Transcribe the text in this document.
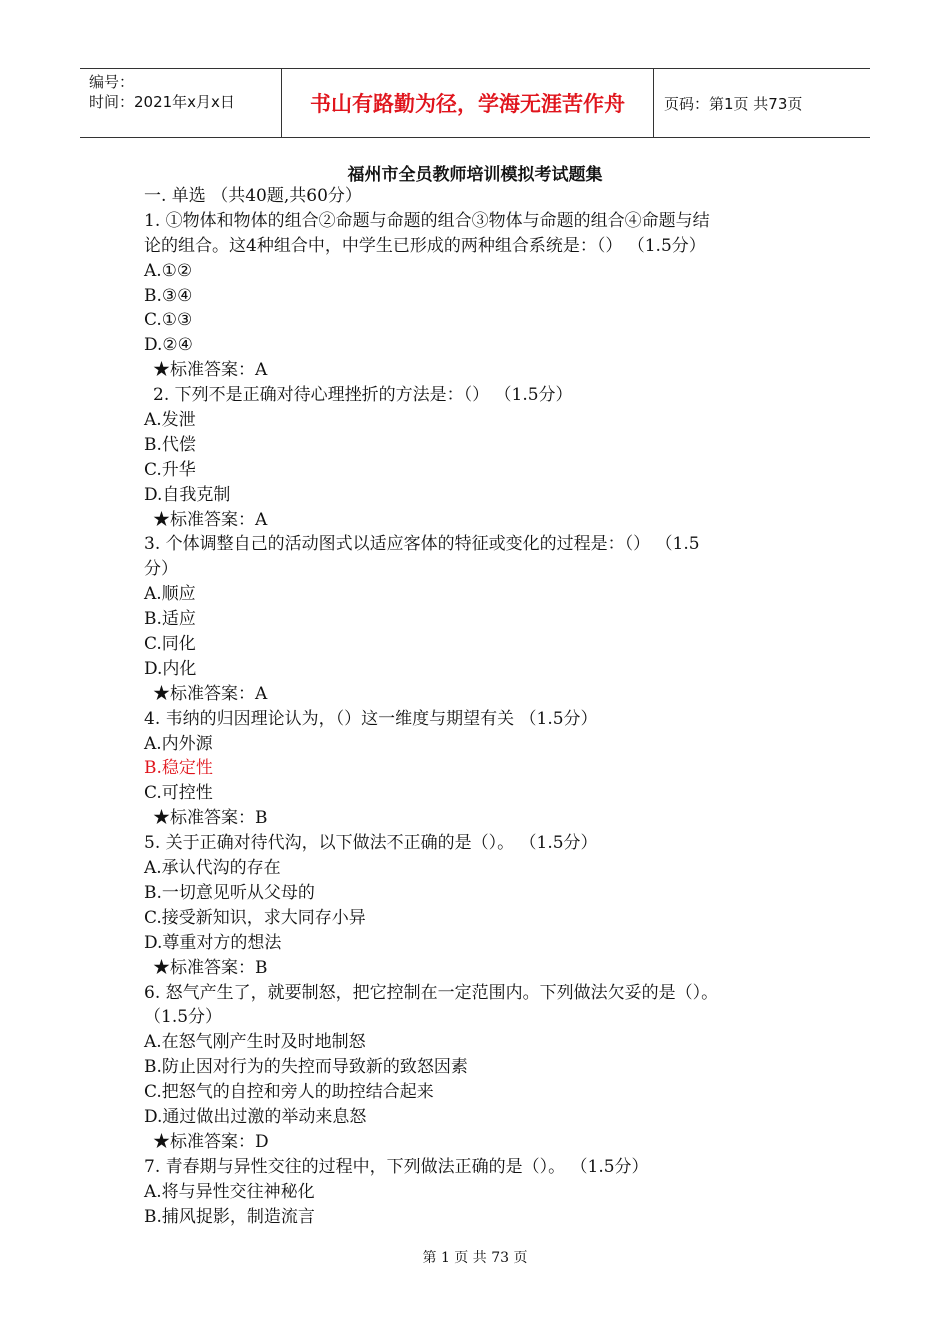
编号：
时间：2021年x月x日	书山有路勤为径，学海无涯苦作舟	页码：第1页 共73页
福州市全员教师培训模拟考试题集
一. 单选 （共40题,共60分）
1. ①物体和物体的组合②命题与命题的组合③物体与命题的组合④命题与结
论的组合。这4种组合中，中学生已形成的两种组合系统是：（） （1.5分）
A.①②
B.③④
C.①③
D.②④
★标准答案：A
2. 下列不是正确对待心理挫折的方法是：（） （1.5分）
A.发泄
B.代偿
C.升华
D.自我克制
★标准答案：A
3. 个体调整自己的活动图式以适应客体的特征或变化的过程是：（） （1.5
分）
A.顺应
B.适应
C.同化
D.内化
★标准答案：A
4. 韦纳的归因理论认为，（）这一维度与期望有关 （1.5分）
A.内外源
B.稳定性
C.可控性
★标准答案：B
5. 关于正确对待代沟，以下做法不正确的是（）。 （1.5分）
A.承认代沟的存在
B.一切意见听从父母的
C.接受新知识，求大同存小异
D.尊重对方的想法
★标准答案：B
6. 怒气产生了，就要制怒，把它控制在一定范围内。下列做法欠妥的是（）。
（1.5分）
A.在怒气刚产生时及时地制怒
B.防止因对行为的失控而导致新的致怒因素
C.把怒气的自控和旁人的助控结合起来
D.通过做出过激的举动来息怒
★标准答案：D
7. 青春期与异性交往的过程中，下列做法正确的是（）。 （1.5分）
A.将与异性交往神秘化
B.捕风捉影，制造流言
第 1 页 共 73 页
